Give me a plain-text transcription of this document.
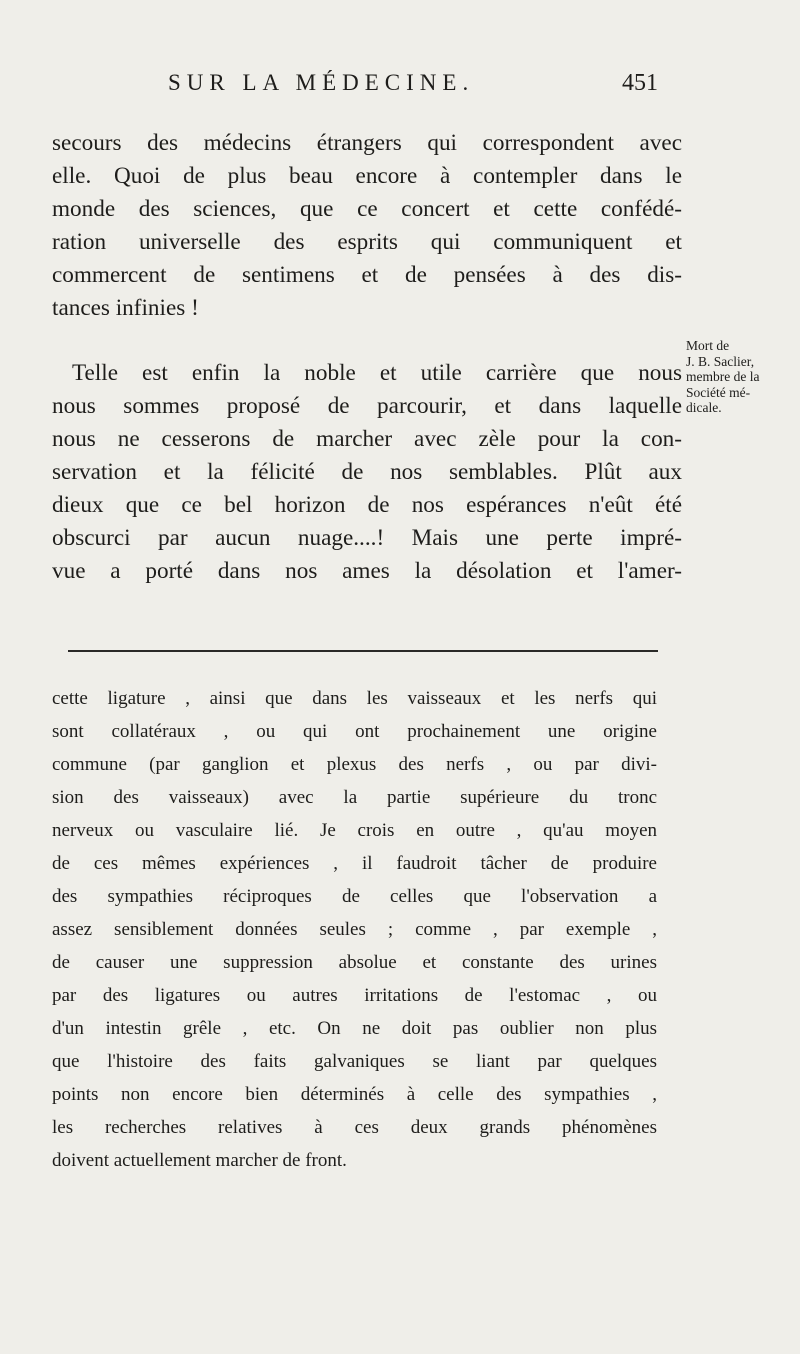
SUR LA MÉDECINE.	451
secours des médecins étrangers qui correspondent avec
elle. Quoi de plus beau encore à contempler dans le
monde des sciences, que ce concert et cette confédé-
ration universelle des esprits qui communiquent et
commercent de sentimens et de pensées à des dis-
tances infinies !
Telle est enfin la noble et utile carrière que nous
nous sommes proposé de parcourir, et dans laquelle
nous ne cesserons de marcher avec zèle pour la con-
servation et la félicité de nos semblables. Plût aux
dieux que ce bel horizon de nos espérances n'eût été
obscurci par aucun nuage....! Mais une perte impré-
vue a porté dans nos ames la désolation et l'amer-
Mort de
J. B. Saclier,
membre de la
Société mé-
dicale.
cette ligature , ainsi que dans les vaisseaux et les nerfs qui
sont collatéraux , ou qui ont prochainement une origine
commune (par ganglion et plexus des nerfs , ou par divi-
sion des vaisseaux) avec la partie supérieure du tronc
nerveux ou vasculaire lié. Je crois en outre , qu'au moyen
de ces mêmes expériences , il faudroit tâcher de produire
des sympathies réciproques de celles que l'observation a
assez sensiblement données seules ; comme , par exemple ,
de causer une suppression absolue et constante des urines
par des ligatures ou autres irritations de l'estomac , ou
d'un intestin grêle , etc. On ne doit pas oublier non plus
que l'histoire des faits galvaniques se liant par quelques
points non encore bien déterminés à celle des sympathies ,
les recherches relatives à ces deux grands phénomènes
doivent actuellement marcher de front.
